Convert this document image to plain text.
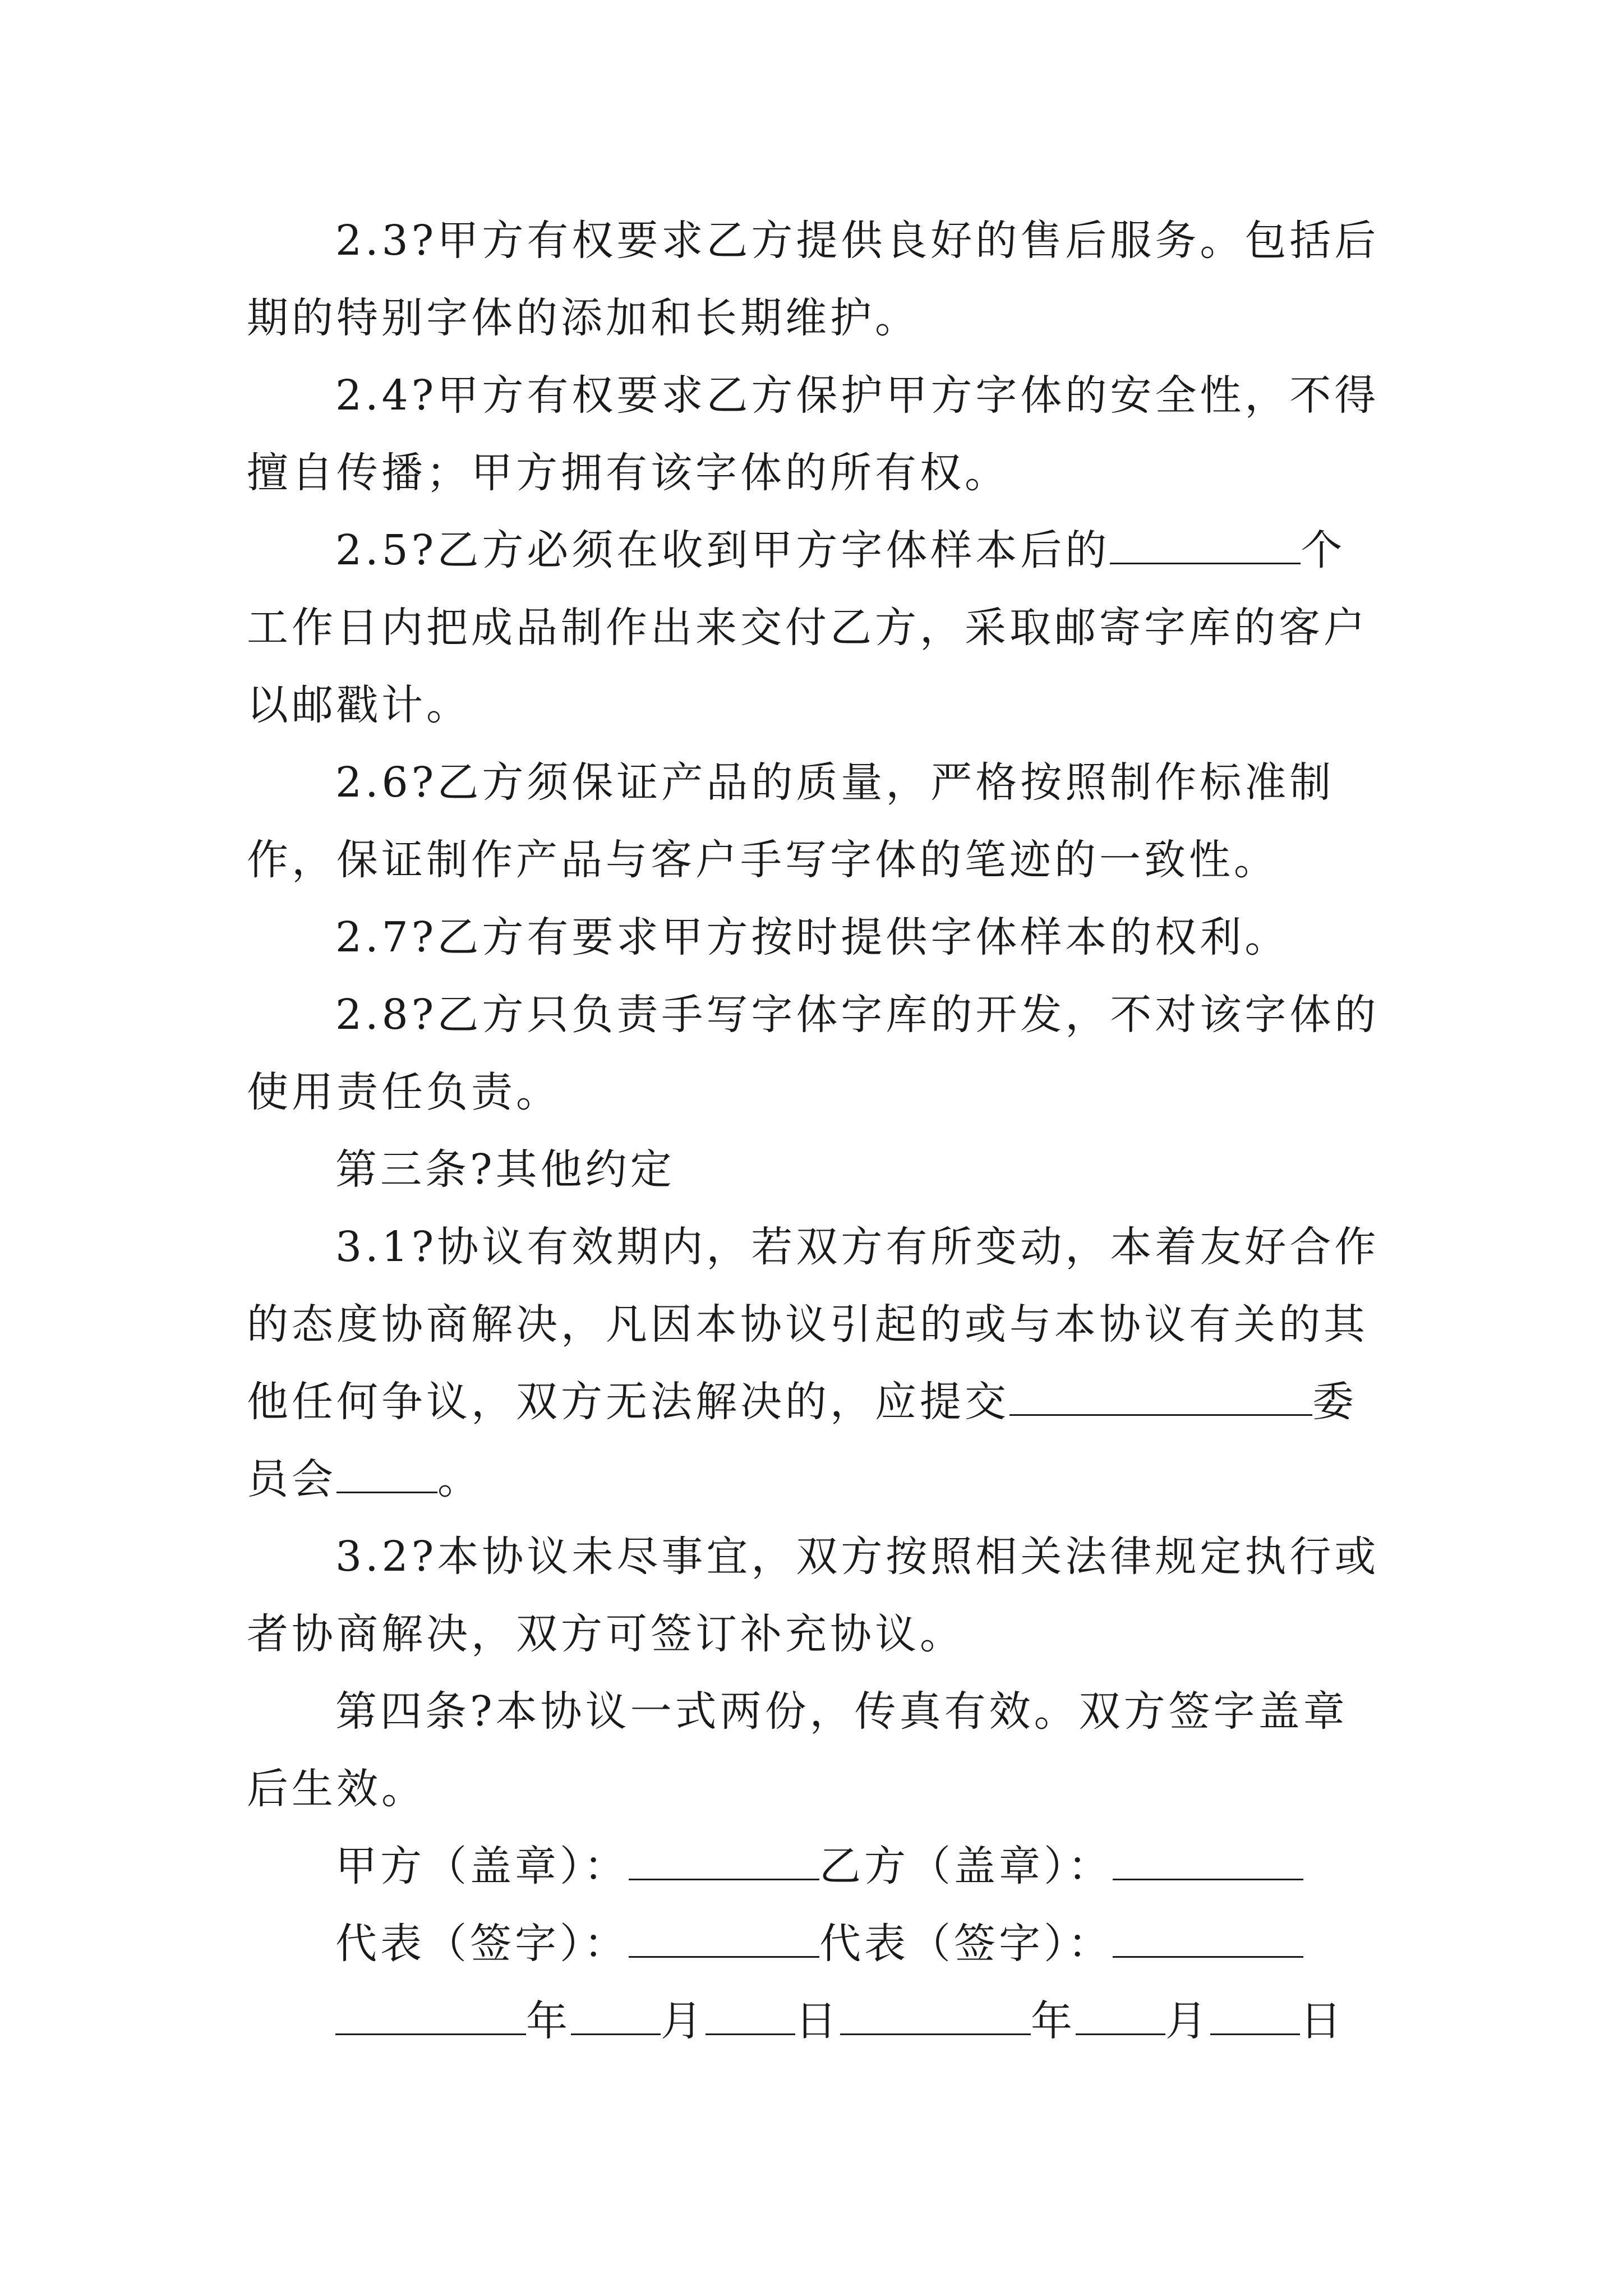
2.3?甲方有权要求乙方提供良好的售后服务。包括后期的特别字体的添加和长期维护。

2.4?甲方有权要求乙方保护甲方字体的安全性，不得擅自传播；甲方拥有该字体的所有权。

2.5?乙方必须在收到甲方字体样本后的	个工作日内把成品制作出来交付乙方，采取邮寄字库的客户以邮戳计。

2.6?乙方须保证产品的质量，严格按照制作标准制作，保证制作产品与客户手写字体的笔迹的一致性。

2.7?乙方有要求甲方按时提供字体样本的权利。

2.8?乙方只负责手写字体字库的开发，不对该字体的使用责任负责。

第三条?其他约定

3.1?协议有效期内，若双方有所变动，本着友好合作的态度协商解决，凡因本协议引起的或与本协议有关的其他任何争议，双方无法解决的，应提交	委员会 。

3.2?本协议未尽事宜，双方按照相关法律规定执行或者协商解决，双方可签订补充协议。

第四条?本协议一式两份，传真有效。双方签字盖章后生效。

甲方（盖章）：	乙方（盖章）：

代表（签字）：	代表（签字）：

年 月 日	年 月 日
